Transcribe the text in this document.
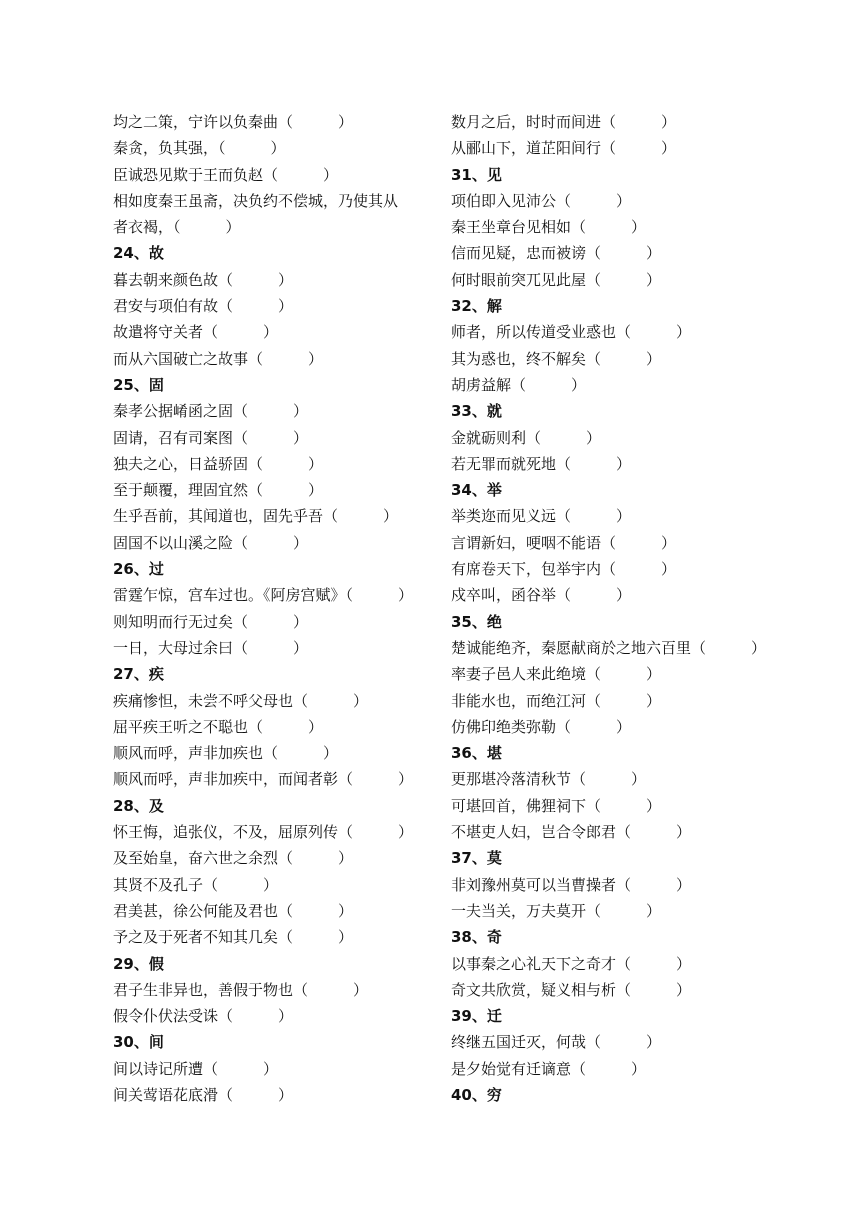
均之二策，宁许以负秦曲（　　　）
秦贪，负其强，（　　　）
臣诚恐见欺于王而负赵（　　　）
相如度秦王虽斋，决负约不偿城，乃使其从
者衣褐，（　　　）
24、故
暮去朝来颜色故（　　　）
君安与项伯有故（　　　）
故遣将守关者（　　　）
而从六国破亡之故事（　　　）
25、固
秦孝公据崤函之固（　　　）
固请，召有司案图（　　　）
独夫之心，日益骄固（　　　）
至于颠覆，理固宜然（　　　）
生乎吾前，其闻道也，固先乎吾（　　　）
固国不以山溪之险（　　　）
26、过
雷霆乍惊，宫车过也。《阿房宫赋》（　　　）
则知明而行无过矣（　　　）
一日，大母过余曰（　　　）
27、疾
疾痛惨怛，未尝不呼父母也（　　　）
屈平疾王听之不聪也（　　　）
顺风而呼，声非加疾也（　　　）
顺风而呼，声非加疾中，而闻者彰（　　　）
28、及
怀王悔，追张仪，不及，屈原列传（　　　）
及至始皇，奋六世之余烈（　　　）
其贤不及孔子（　　　）
君美甚，徐公何能及君也（　　　）
予之及于死者不知其几矣（　　　）
29、假
君子生非异也，善假于物也（　　　）
假令仆伏法受诛（　　　）
30、间
间以诗记所遭（　　　）
间关莺语花底滑（　　　）
数月之后，时时而间进（　　　）
从郦山下，道芷阳间行（　　　）
31、见
项伯即入见沛公（　　　）
秦王坐章台见相如（　　　）
信而见疑，忠而被谤（　　　）
何时眼前突兀见此屋（　　　）
32、解
师者，所以传道受业惑也（　　　）
其为惑也，终不解矣（　　　）
胡虏益解（　　　）
33、就
金就砺则利（　　　）
若无罪而就死地（　　　）
34、举
举类迩而见义远（　　　）
言谓新妇，哽咽不能语（　　　）
有席卷天下，包举宇内（　　　）
戍卒叫，函谷举（　　　）
35、绝
楚诚能绝齐，秦愿献商於之地六百里（　　　）
率妻子邑人来此绝境（　　　）
非能水也，而绝江河（　　　）
仿佛印绝类弥勒（　　　）
36、堪
更那堪冷落清秋节（　　　）
可堪回首，佛狸祠下（　　　）
不堪吏人妇，岂合令郎君（　　　）
37、莫
非刘豫州莫可以当曹操者（　　　）
一夫当关，万夫莫开（　　　）
38、奇
以事秦之心礼天下之奇才（　　　）
奇文共欣赏，疑义相与析（　　　）
39、迁
终继五国迁灭，何哉（　　　）
是夕始觉有迁谪意（　　　）
40、穷
